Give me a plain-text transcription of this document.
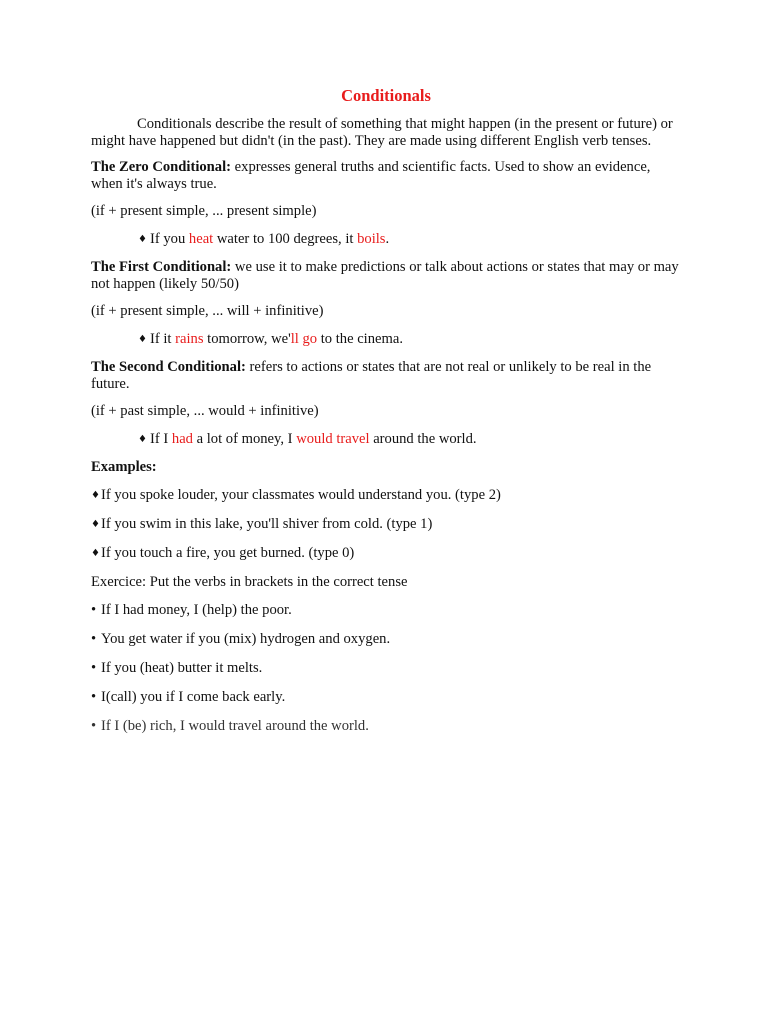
Conditionals

Conditionals describe the result of something that might happen (in the present or future) or might have happened but didn't (in the past). They are made using different English verb tenses.

The Zero Conditional: expresses general truths and scientific facts. Used to show an evidence, when it's always true.

(if + present simple, ... present simple)

♦ If you heat water to 100 degrees, it boils.

The First Conditional: we use it to make predictions or talk about actions or states that may or may not happen (likely 50/50)

(if + present simple, ... will + infinitive)

♦ If it rains tomorrow, we'll go to the cinema.

The Second Conditional: refers to actions or states that are not real or unlikely to be real in the future.

(if + past simple, ... would + infinitive)

♦ If I had a lot of money, I would travel around the world.

Examples:

♦If you spoke louder, your classmates would understand you. (type 2)

♦If you swim in this lake, you'll shiver from cold. (type 1)

♦If you touch a fire, you get burned. (type 0)

Exercice: Put the verbs in brackets in the correct tense

• If I had money, I (help) the poor.

• You get water if you (mix) hydrogen and oxygen.

• If you (heat) butter it melts.

• I(call) you if I come back early.

• If I (be) rich, I would travel around the world.
